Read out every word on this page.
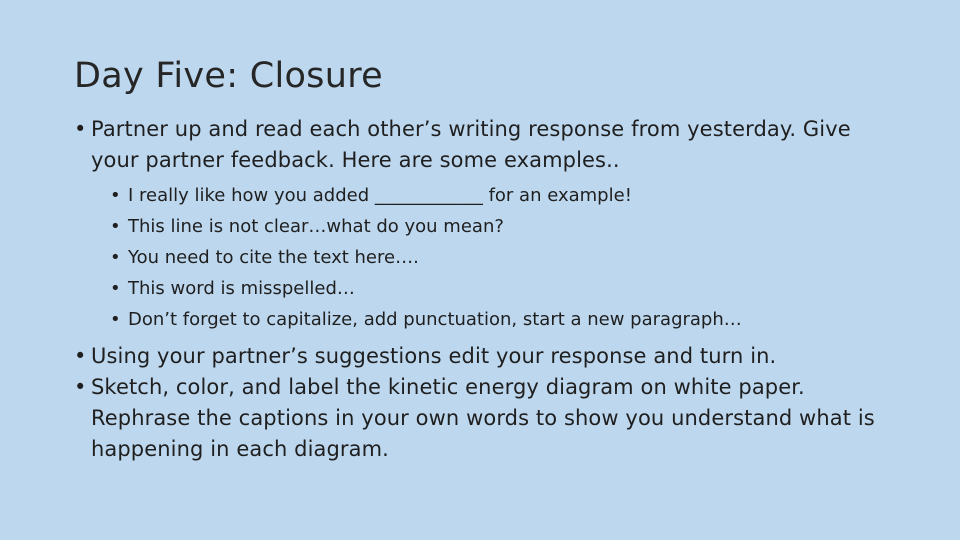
Day Five: Closure
• Partner up and read each other’s writing response from yesterday. Give your partner feedback. Here are some examples..
• I really like how you added ____________ for an example!
• This line is not clear…what do you mean?
• You need to cite the text here….
• This word is misspelled…
• Don’t forget to capitalize, add punctuation, start a new paragraph…
• Using your partner’s suggestions edit your response and turn in.
• Sketch, color, and label the kinetic energy diagram on white paper. Rephrase the captions in your own words to show you understand what is happening in each diagram.
